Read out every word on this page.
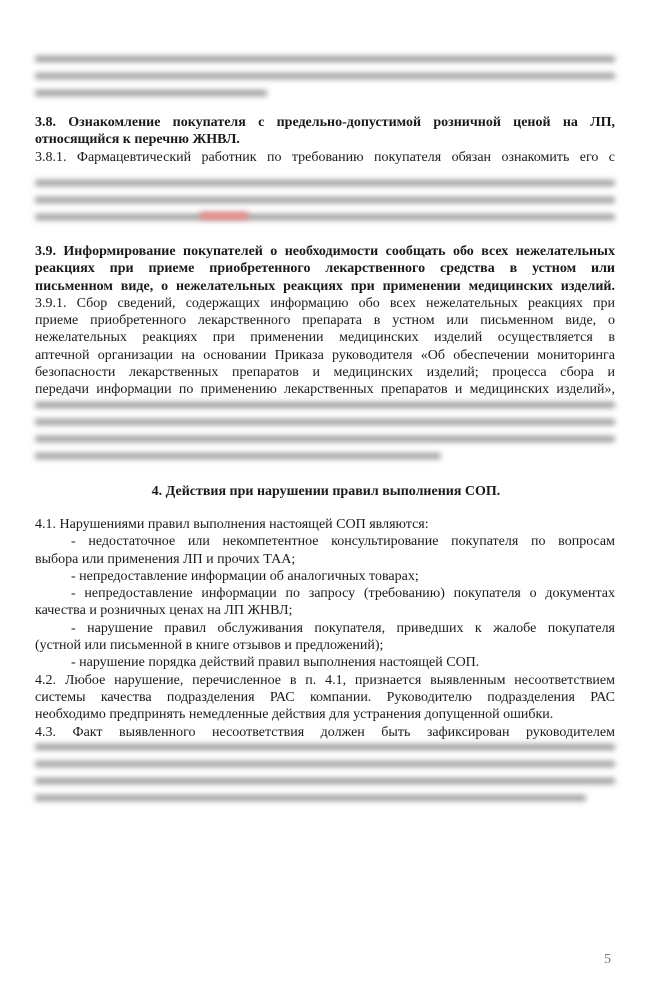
3.8. Ознакомление покупателя с предельно-допустимой розничной ценой на ЛП,
относящийся к перечню ЖНВЛ.
3.8.1. Фармацевтический работник по требованию покупателя обязан ознакомить его с
3.9. Информирование покупателей о необходимости сообщать обо всех нежелательных
реакциях при приеме приобретенного лекарственного средства в устном или
письменном виде, о нежелательных реакциях при применении медицинских изделий.
3.9.1. Сбор сведений, содержащих информацию обо всех нежелательных реакциях при
приеме приобретенного лекарственного препарата в устном или письменном виде, о
нежелательных реакциях при применении медицинских изделий осуществляется в
аптечной организации на основании Приказа руководителя «Об обеспечении мониторинга
безопасности лекарственных препаратов и медицинских изделий; процесса сбора и
передачи информации по применению лекарственных препаратов и медицинских изделий»,
4. Действия при нарушении правил выполнения СОП.
4.1. Нарушениями правил выполнения настоящей СОП являются:
- недостаточное или некомпетентное консультирование покупателя по вопросам
выбора или применения ЛП и прочих ТАА;
- непредоставление информации об аналогичных товарах;
- непредоставление информации по запросу (требованию) покупателя о документах
качества и розничных ценах на ЛП ЖНВЛ;
- нарушение правил обслуживания покупателя, приведших к жалобе покупателя
(устной или письменной в книге отзывов и предложений);
- нарушение порядка действий правил выполнения настоящей СОП.
4.2. Любое нарушение, перечисленное в п. 4.1, признается выявленным несоответствием
системы качества подразделения РАС компании. Руководителю подразделения РАС
необходимо предпринять немедленные действия для устранения допущенной ошибки.
4.3. Факт выявленного несоответствия должен быть зафиксирован руководителем
5
